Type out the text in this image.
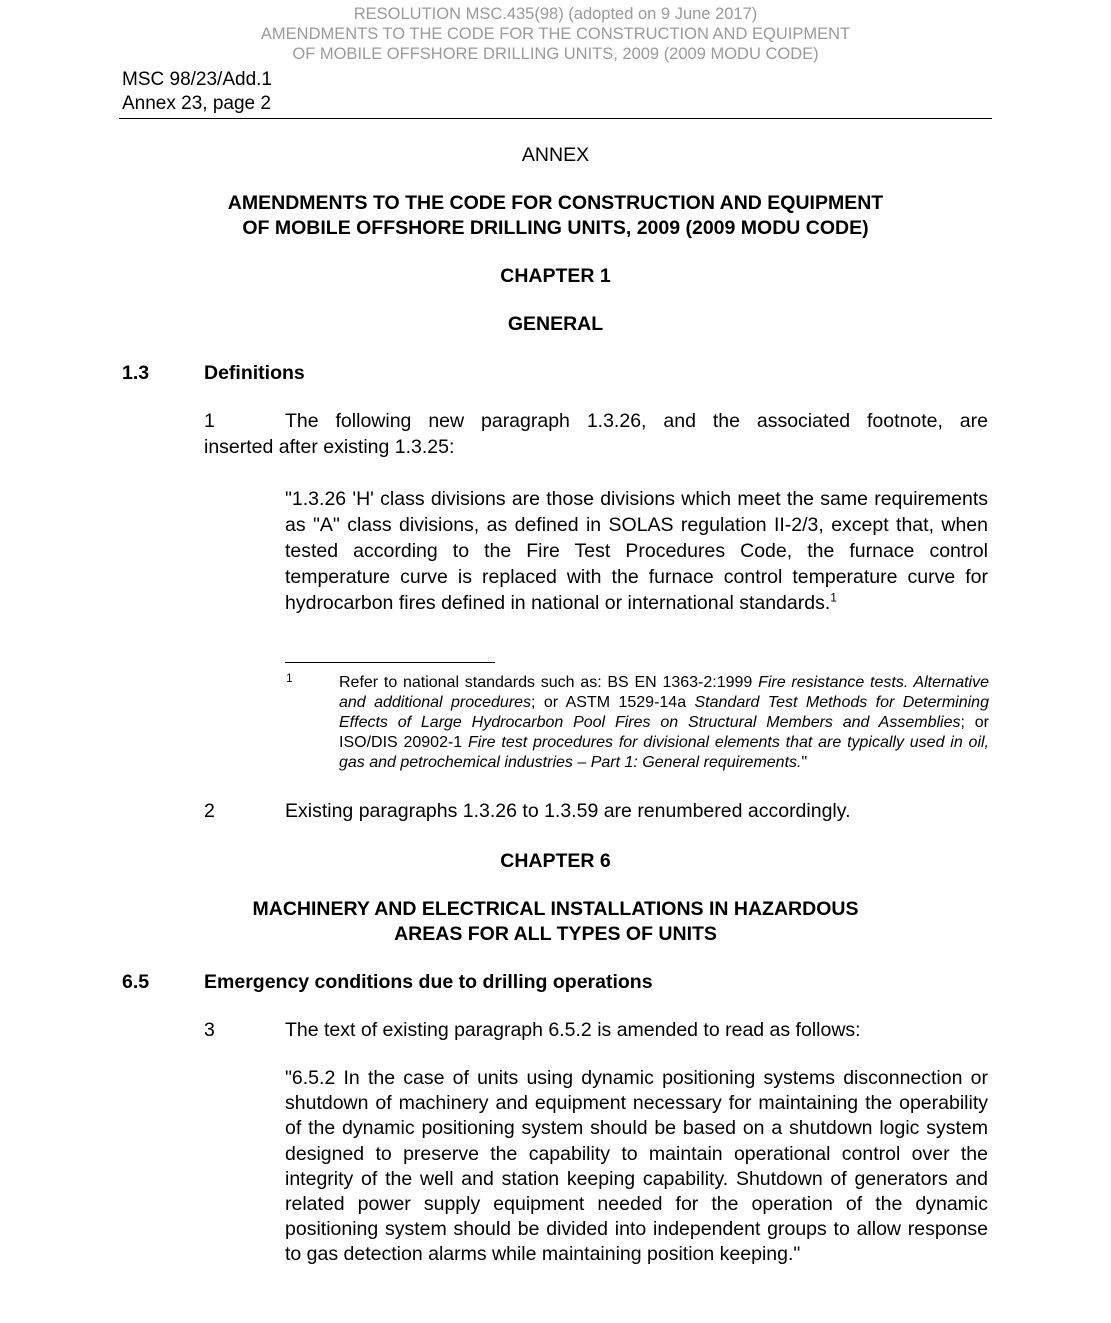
RESOLUTION MSC.435(98) (adopted on 9 June 2017)
AMENDMENTS TO THE CODE FOR THE CONSTRUCTION AND EQUIPMENT
OF MOBILE OFFSHORE DRILLING UNITS, 2009 (2009 MODU CODE)
MSC 98/23/Add.1
Annex 23, page 2
ANNEX
AMENDMENTS TO THE CODE FOR CONSTRUCTION AND EQUIPMENT
OF MOBILE OFFSHORE DRILLING UNITS, 2009 (2009 MODU CODE)
CHAPTER 1
GENERAL
1.3	Definitions
1	The following new paragraph 1.3.26, and the associated footnote, are
inserted after existing 1.3.25:
"1.3.26 'H' class divisions are those divisions which meet the same requirements as "A" class divisions, as defined in SOLAS regulation II-2/3, except that, when tested according to the Fire Test Procedures Code, the furnace control temperature curve is replaced with the furnace control temperature curve for hydrocarbon fires defined in national or international standards.$^1$
1	Refer to national standards such as: BS EN 1363-2:1999 Fire resistance tests. Alternative and additional procedures; or ASTM 1529-14a Standard Test Methods for Determining Effects of Large Hydrocarbon Pool Fires on Structural Members and Assemblies; or ISO/DIS 20902-1 Fire test procedures for divisional elements that are typically used in oil, gas and petrochemical industries – Part 1: General requirements."
2	Existing paragraphs 1.3.26 to 1.3.59 are renumbered accordingly.
CHAPTER 6
MACHINERY AND ELECTRICAL INSTALLATIONS IN HAZARDOUS
AREAS FOR ALL TYPES OF UNITS
6.5	Emergency conditions due to drilling operations
3	The text of existing paragraph 6.5.2 is amended to read as follows:
"6.5.2 In the case of units using dynamic positioning systems disconnection or shutdown of machinery and equipment necessary for maintaining the operability of the dynamic positioning system should be based on a shutdown logic system designed to preserve the capability to maintain operational control over the integrity of the well and station keeping capability. Shutdown of generators and related power supply equipment needed for the operation of the dynamic positioning system should be divided into independent groups to allow response to gas detection alarms while maintaining position keeping."
